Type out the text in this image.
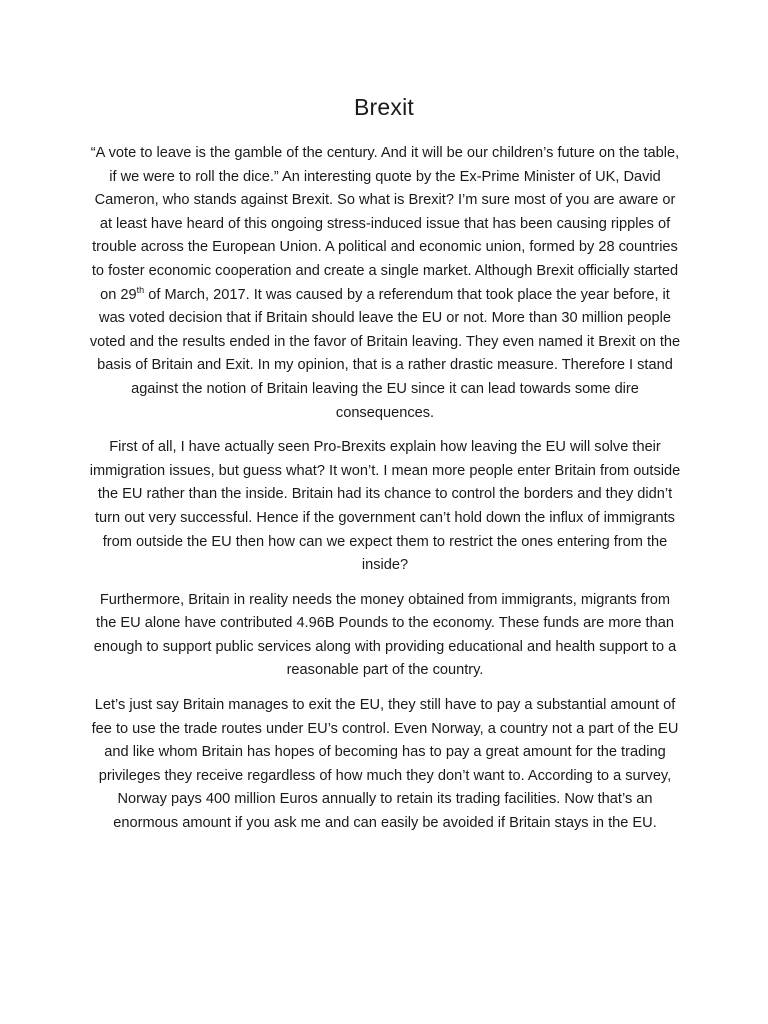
Brexit

“A vote to leave is the gamble of the century. And it will be our children’s future on the table, if we were to roll the dice.” An interesting quote by the Ex-Prime Minister of UK, David Cameron, who stands against Brexit. So what is Brexit? I’m sure most of you are aware or at least have heard of this ongoing stress-induced issue that has been causing ripples of trouble across the European Union. A political and economic union, formed by 28 countries to foster economic cooperation and create a single market. Although Brexit officially started on 29th of March, 2017. It was caused by a referendum that took place the year before, it was voted decision that if Britain should leave the EU or not. More than 30 million people voted and the results ended in the favor of Britain leaving. They even named it Brexit on the basis of Britain and Exit. In my opinion, that is a rather drastic measure. Therefore I stand against the notion of Britain leaving the EU since it can lead towards some dire consequences.

First of all, I have actually seen Pro-Brexits explain how leaving the EU will solve their immigration issues, but guess what? It won’t. I mean more people enter Britain from outside the EU rather than the inside. Britain had its chance to control the borders and they didn’t turn out very successful. Hence if the government can’t hold down the influx of immigrants from outside the EU then how can we expect them to restrict the ones entering from the inside?

Furthermore, Britain in reality needs the money obtained from immigrants, migrants from the EU alone have contributed 4.96B Pounds to the economy. These funds are more than enough to support public services along with providing educational and health support to a reasonable part of the country.

Let’s just say Britain manages to exit the EU, they still have to pay a substantial amount of fee to use the trade routes under EU’s control. Even Norway, a country not a part of the EU and like whom Britain has hopes of becoming has to pay a great amount for the trading privileges they receive regardless of how much they don’t want to. According to a survey, Norway pays 400 million Euros annually to retain its trading facilities. Now that’s an enormous amount if you ask me and can easily be avoided if Britain stays in the EU.
